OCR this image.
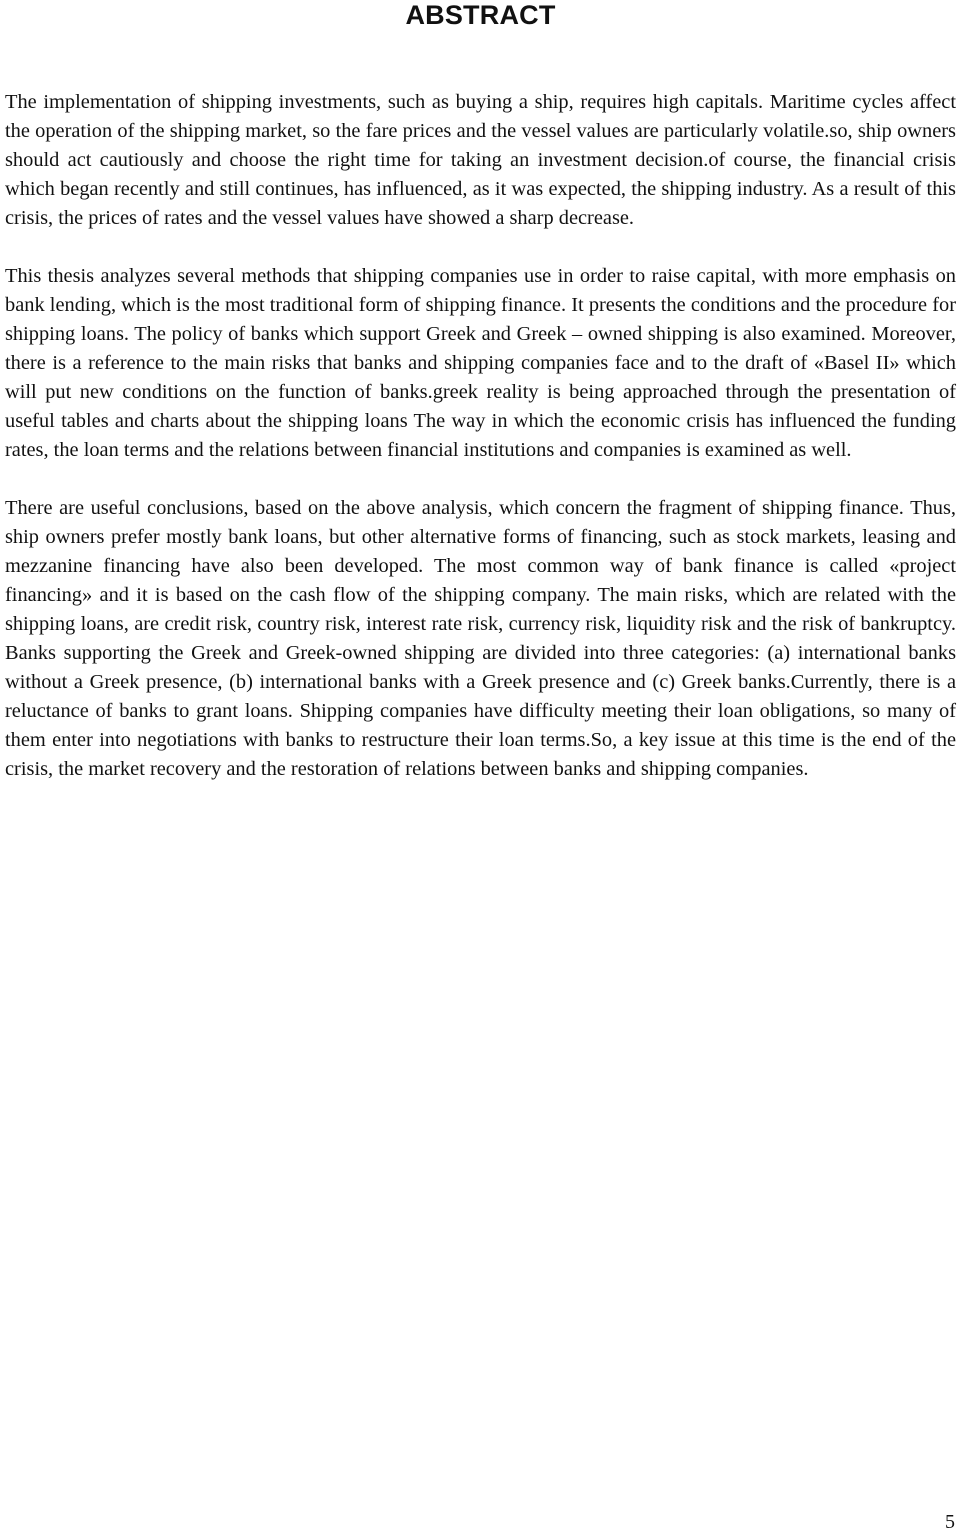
ABSTRACT

The implementation of shipping investments, such as buying a ship, requires high capitals. Maritime cycles affect the operation of the shipping market, so the fare prices and the vessel values are particularly volatile.so, ship owners should act cautiously and choose the right time for taking an investment decision.of course, the financial crisis which began recently and still continues, has influenced, as it was expected, the shipping industry. As a result of this crisis, the prices of rates and the vessel values have showed a sharp decrease.

This thesis analyzes several methods that shipping companies use in order to raise capital, with more emphasis on bank lending, which is the most traditional form of shipping finance. It presents the conditions and the procedure for shipping loans. The policy of banks which support Greek and Greek – owned shipping is also examined. Moreover, there is a reference to the main risks that banks and shipping companies face and to the draft of «Basel II» which will put new conditions on the function of banks.greek reality is being approached through the presentation of useful tables and charts about the shipping loans The way in which the economic crisis has influenced the funding rates, the loan terms and the relations between financial institutions and companies is examined as well.

There are useful conclusions, based on the above analysis, which concern the fragment of shipping finance. Thus, ship owners prefer mostly bank loans, but other alternative forms of financing, such as stock markets, leasing and mezzanine financing have also been developed. The most common way of bank finance is called «project financing» and it is based on the cash flow of the shipping company. The main risks, which are related with the shipping loans, are credit risk, country risk, interest rate risk, currency risk, liquidity risk and the risk of bankruptcy. Banks supporting the Greek and Greek-owned shipping are divided into three categories: (a) international banks without a Greek presence, (b) international banks with a Greek presence and (c) Greek banks.Currently, there is a reluctance of banks to grant loans. Shipping companies have difficulty meeting their loan obligations, so many of them enter into negotiations with banks to restructure their loan terms.So, a key issue at this time is the end of the crisis, the market recovery and the restoration of relations between banks and shipping companies.

5
